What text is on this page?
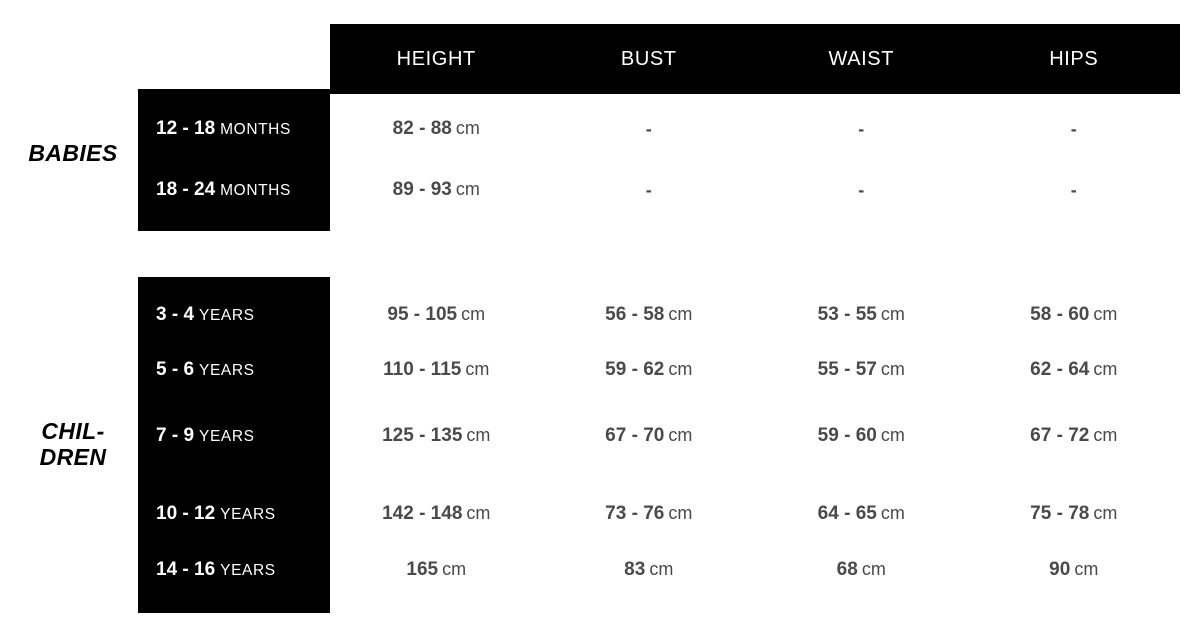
HEIGHT	BUST	WAIST	HIPS
BABIES
CHIL-
DREN
12 - 18 MONTHS	82 - 88 cm	-	-	-
18 - 24 MONTHS	89 - 93 cm	-	-	-
3 - 4 YEARS	95 - 105 cm	56 - 58 cm	53 - 55 cm	58 - 60 cm
5 - 6 YEARS	110 - 115 cm	59 - 62 cm	55 - 57 cm	62 - 64 cm
7 - 9 YEARS	125 - 135 cm	67 - 70 cm	59 - 60 cm	67 - 72 cm
10 - 12 YEARS	142 - 148 cm	73 - 76 cm	64 - 65 cm	75 - 78 cm
14 - 16 YEARS	165 cm	83 cm	68 cm	90 cm
